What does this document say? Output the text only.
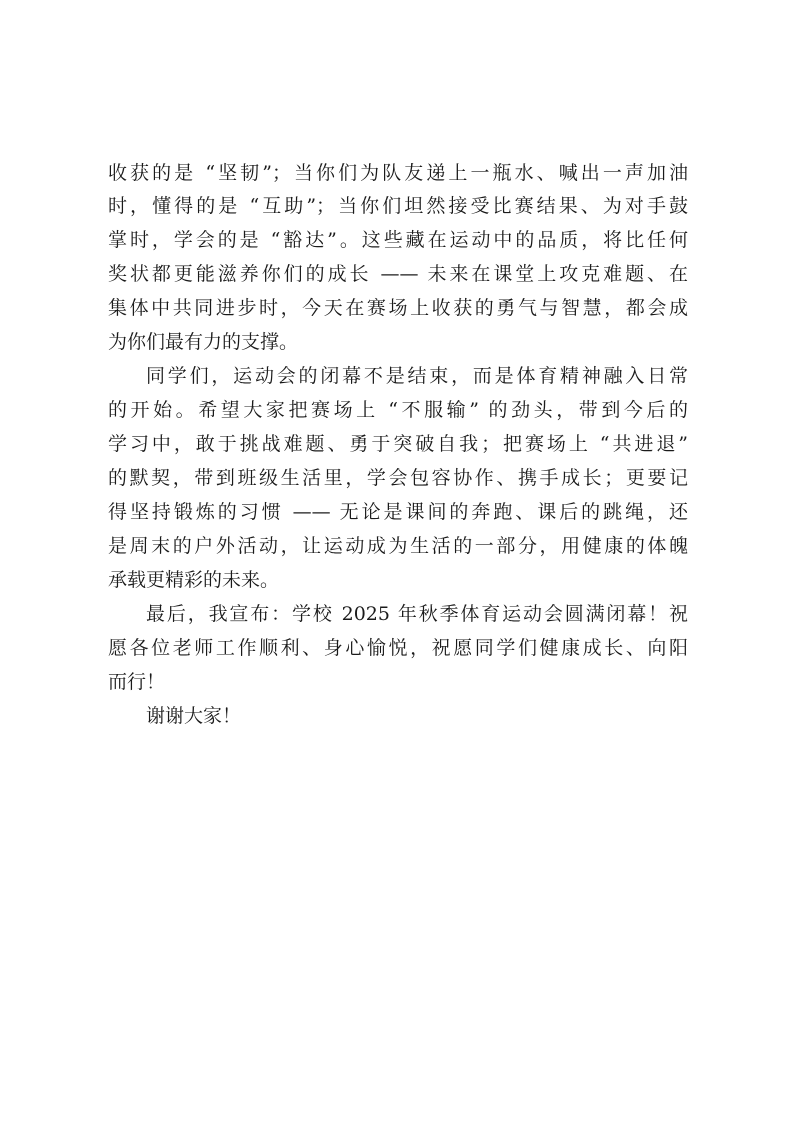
收获的是 “坚韧”；当你们为队友递上一瓶水、喊出一声加油
时，懂得的是 “互助”；当你们坦然接受比赛结果、为对手鼓
掌时，学会的是 “豁达”。这些藏在运动中的品质，将比任何
奖状都更能滋养你们的成长 —— 未来在课堂上攻克难题、在
集体中共同进步时，今天在赛场上收获的勇气与智慧，都会成
为你们最有力的支撑。
同学们，运动会的闭幕不是结束，而是体育精神融入日常
的开始。希望大家把赛场上 “不服输” 的劲头，带到今后的
学习中，敢于挑战难题、勇于突破自我；把赛场上 “共进退”
的默契，带到班级生活里，学会包容协作、携手成长；更要记
得坚持锻炼的习惯 —— 无论是课间的奔跑、课后的跳绳，还
是周末的户外活动，让运动成为生活的一部分，用健康的体魄
承载更精彩的未来。
最后，我宣布：学校 2025 年秋季体育运动会圆满闭幕！祝
愿各位老师工作顺利、身心愉悦，祝愿同学们健康成长、向阳
而行！
谢谢大家！
